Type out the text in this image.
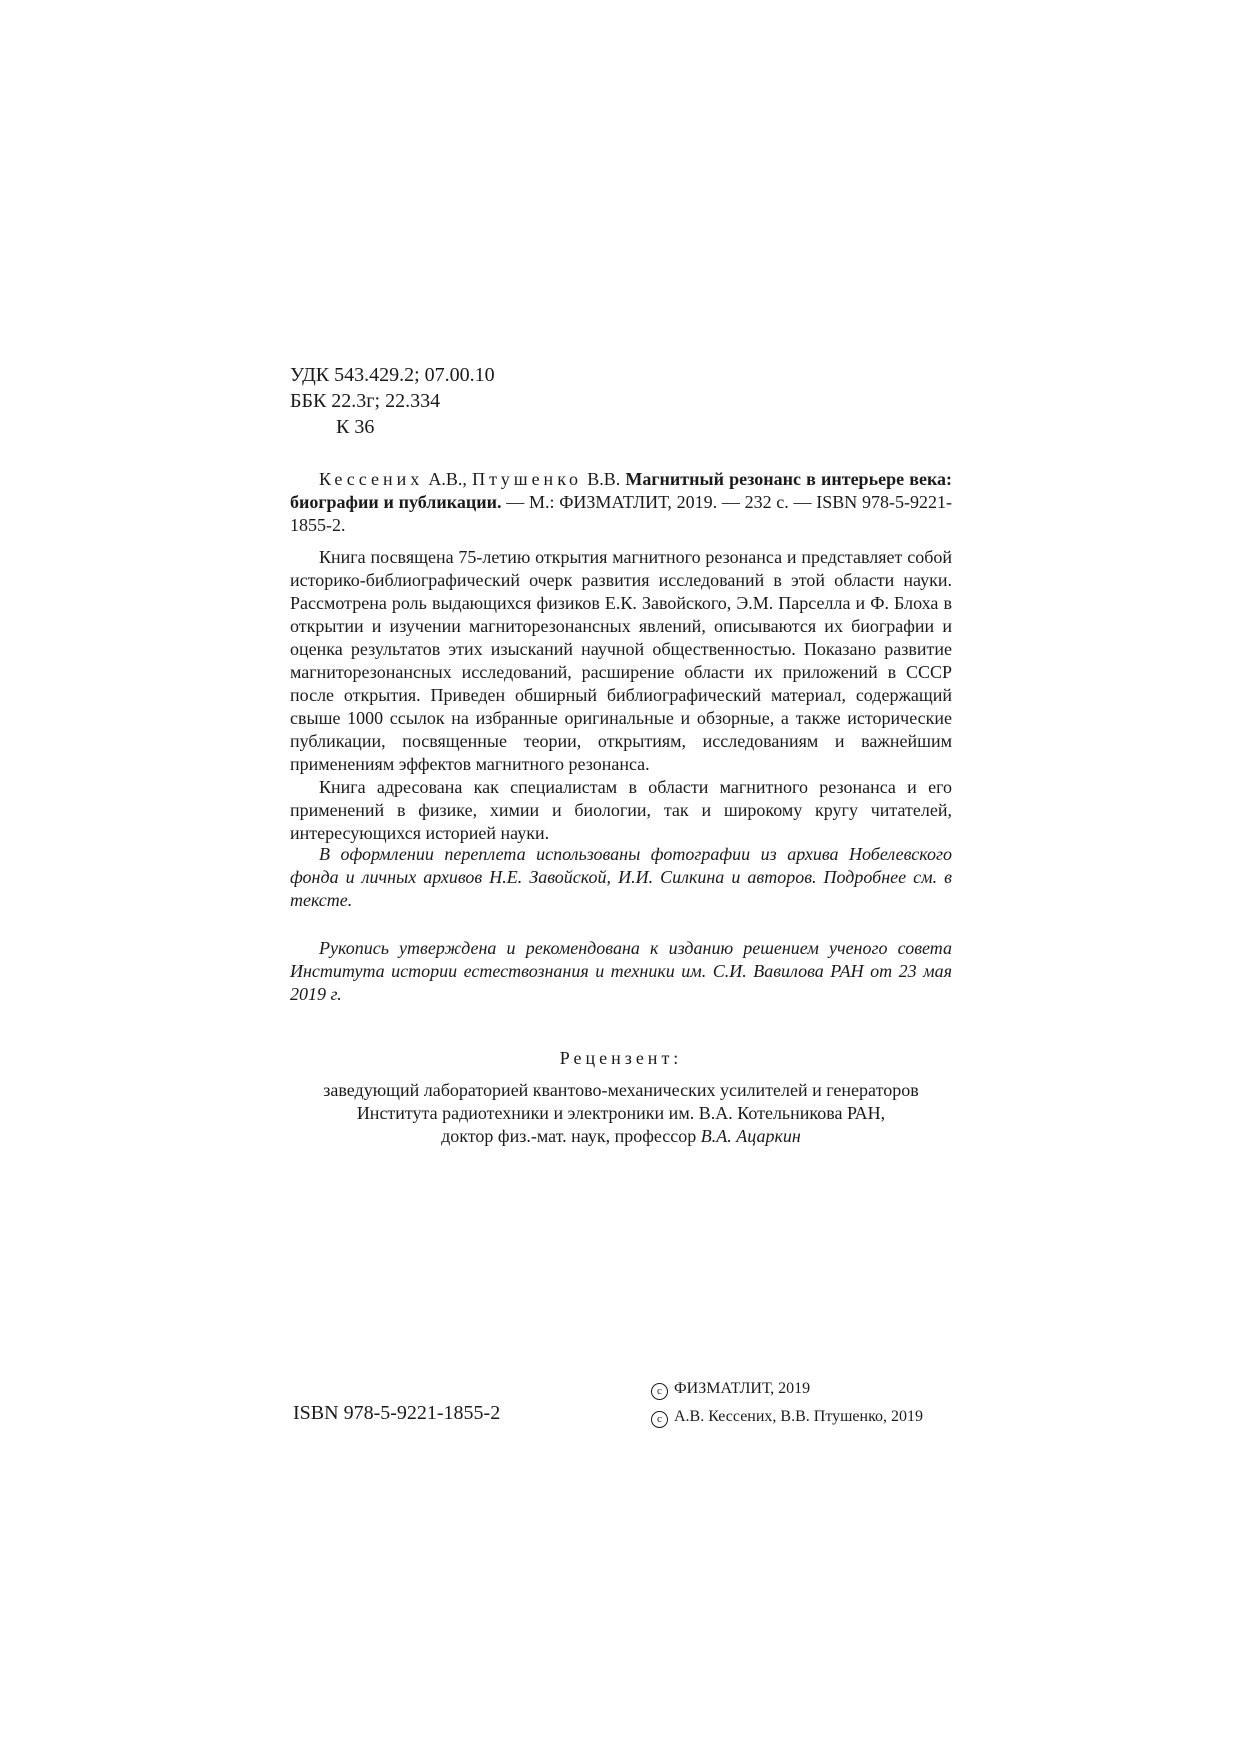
УДК 543.429.2; 07.00.10
ББК 22.3г; 22.334
К 36
Кессених А.В., Птушенко В.В. Магнитный резонанс в интерьере века: биографии и публикации. — М.: ФИЗМАТЛИТ, 2019. — 232 с. — ISBN 978-5-9221-1855-2.

Книга посвящена 75-летию открытия магнитного резонанса и представляет собой историко-библиографический очерк развития исследований в этой области науки. Рассмотрена роль выдающихся физиков Е.К. Завойского, Э.М. Парселла и Ф. Блоха в открытии и изучении магниторезонансных явлений, описываются их биографии и оценка результатов этих изысканий научной общественностью. Показано развитие магниторезонансных исследований, расширение области их приложений в СССР после открытия. Приведен обширный библиографический материал, содержащий свыше 1000 ссылок на избранные оригинальные и обзорные, а также исторические публикации, посвященные теории, открытиям, исследованиям и важнейшим применениям эффектов магнитного резонанса.

Книга адресована как специалистам в области магнитного резонанса и его применений в физике, химии и биологии, так и широкому кругу читателей, интересующихся историей науки.

В оформлении переплета использованы фотографии из архива Нобелевского фонда и личных архивов Н.Е. Завойской, И.И. Силкина и авторов. Подробнее см. в тексте.

Рукопись утверждена и рекомендована к изданию решением ученого совета Института истории естествознания и техники им. С.И. Вавилова РАН от 23 мая 2019 г.

Рецензент:
заведующий лабораторией квантово-механических усилителей и генераторов
Института радиотехники и электроники им. В.А. Котельникова РАН,
доктор физ.-мат. наук, профессор В.А. Ацаркин
ISBN 978-5-9221-1855-2
c ФИЗМАТЛИТ, 2019
c А.В. Кессених, В.В. Птушенко, 2019
